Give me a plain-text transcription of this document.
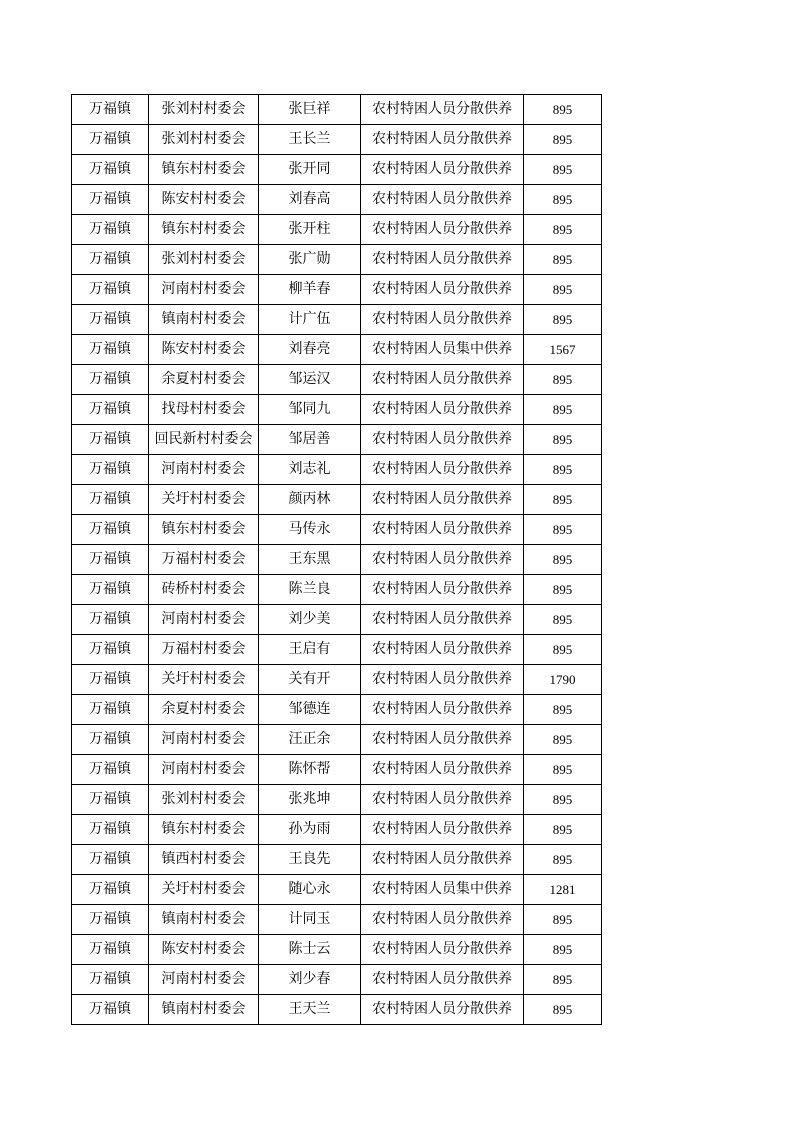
万福镇	张刘村村委会	张巨祥	农村特困人员分散供养	895
万福镇	张刘村村委会	王长兰	农村特困人员分散供养	895
万福镇	镇东村村委会	张开同	农村特困人员分散供养	895
万福镇	陈安村村委会	刘春高	农村特困人员分散供养	895
万福镇	镇东村村委会	张开柱	农村特困人员分散供养	895
万福镇	张刘村村委会	张广勋	农村特困人员分散供养	895
万福镇	河南村村委会	柳羊春	农村特困人员分散供养	895
万福镇	镇南村村委会	计广伍	农村特困人员分散供养	895
万福镇	陈安村村委会	刘春亮	农村特困人员集中供养	1567
万福镇	余夏村村委会	邹运汉	农村特困人员分散供养	895
万福镇	找母村村委会	邹同九	农村特困人员分散供养	895
万福镇	回民新村村委会	邹居善	农村特困人员分散供养	895
万福镇	河南村村委会	刘志礼	农村特困人员分散供养	895
万福镇	关圩村村委会	颜丙林	农村特困人员分散供养	895
万福镇	镇东村村委会	马传永	农村特困人员分散供养	895
万福镇	万福村村委会	王东黑	农村特困人员分散供养	895
万福镇	砖桥村村委会	陈兰良	农村特困人员分散供养	895
万福镇	河南村村委会	刘少美	农村特困人员分散供养	895
万福镇	万福村村委会	王启有	农村特困人员分散供养	895
万福镇	关圩村村委会	关有开	农村特困人员分散供养	1790
万福镇	余夏村村委会	邹德连	农村特困人员分散供养	895
万福镇	河南村村委会	汪正余	农村特困人员分散供养	895
万福镇	河南村村委会	陈怀帮	农村特困人员分散供养	895
万福镇	张刘村村委会	张兆坤	农村特困人员分散供养	895
万福镇	镇东村村委会	孙为雨	农村特困人员分散供养	895
万福镇	镇西村村委会	王良先	农村特困人员分散供养	895
万福镇	关圩村村委会	随心永	农村特困人员集中供养	1281
万福镇	镇南村村委会	计同玉	农村特困人员分散供养	895
万福镇	陈安村村委会	陈士云	农村特困人员分散供养	895
万福镇	河南村村委会	刘少春	农村特困人员分散供养	895
万福镇	镇南村村委会	王天兰	农村特困人员分散供养	895
